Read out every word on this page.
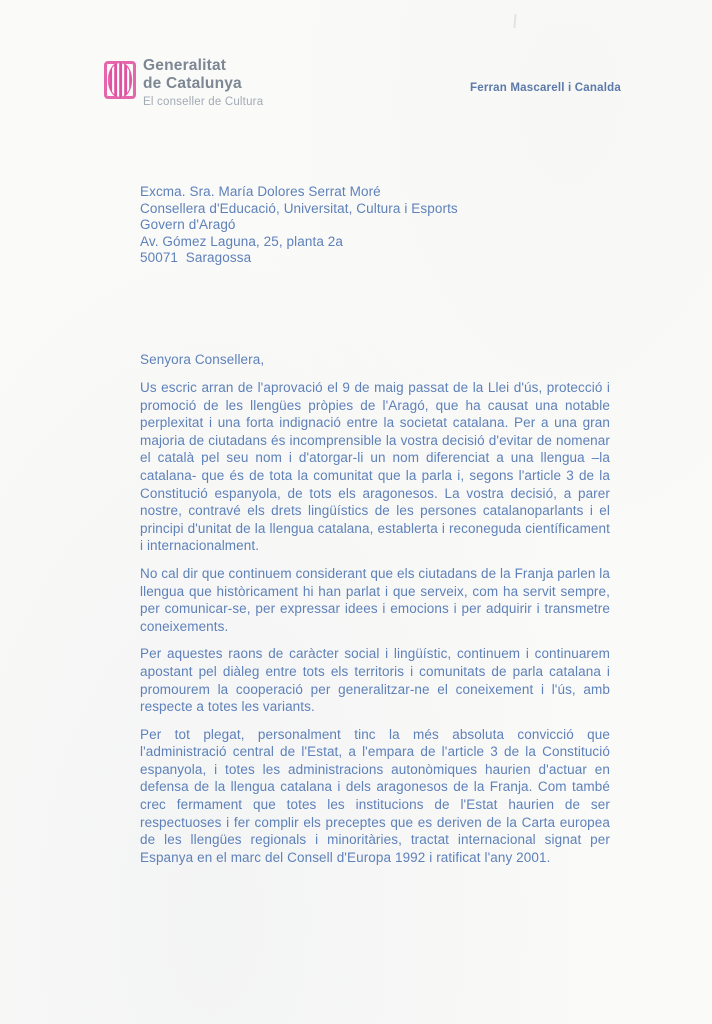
Generalitat
de Catalunya
El conseller de Cultura
Ferran Mascarell i Canalda
Excma. Sra. María Dolores Serrat Moré
Consellera d'Educació, Universitat, Cultura i Esports
Govern d'Aragó
Av. Gómez Laguna, 25, planta 2a
50071  Saragossa
Senyora Consellera,

Us escric arran de l'aprovació el 9 de maig passat de la Llei d'ús, protecció i promoció de les llengües pròpies de l'Aragó, que ha causat una notable perplexitat i una forta indignació entre la societat catalana. Per a una gran majoria de ciutadans és incomprensible la vostra decisió d'evitar de nomenar el català pel seu nom i d'atorgar-li un nom diferenciat a una llengua –la catalana- que és de tota la comunitat que la parla i, segons l'article 3 de la Constitució espanyola, de tots els aragonesos. La vostra decisió, a parer nostre, contravé els drets lingüístics de les persones catalanoparlants i el principi d'unitat de la llengua catalana, establerta i reconeguda científicament i internacionalment.

No cal dir que continuem considerant que els ciutadans de la Franja parlen la llengua que històricament hi han parlat i que serveix, com ha servit sempre, per comunicar-se, per expressar idees i emocions i per adquirir i transmetre coneixements.

Per aquestes raons de caràcter social i lingüístic, continuem i continuarem apostant pel diàleg entre tots els territoris i comunitats de parla catalana i promourem la cooperació per generalitzar-ne el coneixement i l'ús, amb respecte a totes les variants.

Per tot plegat, personalment tinc la més absoluta convicció que l'administració central de l'Estat, a l'empara de l'article 3 de la Constitució espanyola, i totes les administracions autonòmiques haurien d'actuar en defensa de la llengua catalana i dels aragonesos de la Franja. Com també crec fermament que totes les institucions de l'Estat haurien de ser respectuoses i fer complir els preceptes que es deriven de la Carta europea de les llengües regionals i minoritàries, tractat internacional signat per Espanya en el marc del Consell d'Europa 1992 i ratificat l'any 2001.
